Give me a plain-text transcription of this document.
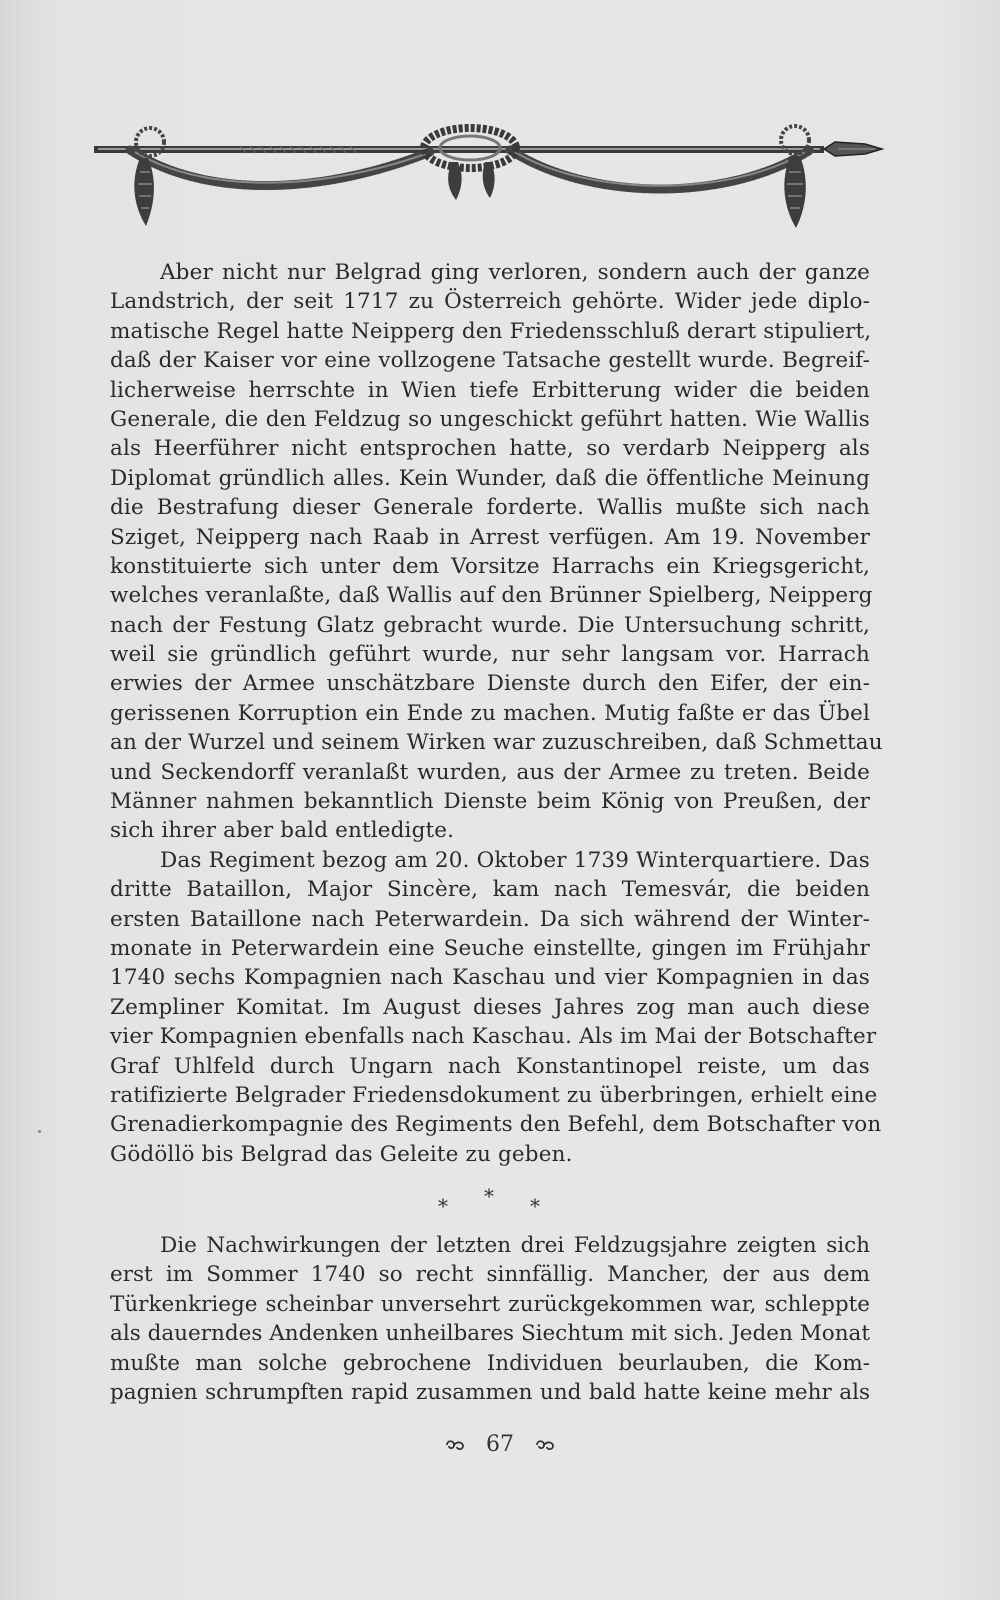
Aber nicht nur Belgrad ging verloren, sondern auch der ganze
Landstrich, der seit 1717 zu Österreich gehörte. Wider jede diplo-
matische Regel hatte Neipperg den Friedensschluß derart stipuliert,
daß der Kaiser vor eine vollzogene Tatsache gestellt wurde. Begreif-
licherweise herrschte in Wien tiefe Erbitterung wider die beiden
Generale, die den Feldzug so ungeschickt geführt hatten. Wie Wallis
als Heerführer nicht entsprochen hatte, so verdarb Neipperg als
Diplomat gründlich alles. Kein Wunder, daß die öffentliche Meinung
die Bestrafung dieser Generale forderte. Wallis mußte sich nach
Sziget, Neipperg nach Raab in Arrest verfügen. Am 19. November
konstituierte sich unter dem Vorsitze Harrachs ein Kriegsgericht,
welches veranlaßte, daß Wallis auf den Brünner Spielberg, Neipperg
nach der Festung Glatz gebracht wurde. Die Untersuchung schritt,
weil sie gründlich geführt wurde, nur sehr langsam vor. Harrach
erwies der Armee unschätzbare Dienste durch den Eifer, der ein-
gerissenen Korruption ein Ende zu machen. Mutig faßte er das Übel
an der Wurzel und seinem Wirken war zuzuschreiben, daß Schmettau
und Seckendorff veranlaßt wurden, aus der Armee zu treten. Beide
Männer nahmen bekanntlich Dienste beim König von Preußen, der
sich ihrer aber bald entledigte.
Das Regiment bezog am 20. Oktober 1739 Winterquartiere. Das
dritte Bataillon, Major Sincère, kam nach Temesvár, die beiden
ersten Bataillone nach Peterwardein. Da sich während der Winter-
monate in Peterwardein eine Seuche einstellte, gingen im Frühjahr
1740 sechs Kompagnien nach Kaschau und vier Kompagnien in das
Zempliner Komitat. Im August dieses Jahres zog man auch diese
vier Kompagnien ebenfalls nach Kaschau. Als im Mai der Botschafter
Graf Uhlfeld durch Ungarn nach Konstantinopel reiste, um das
ratifizierte Belgrader Friedensdokument zu überbringen, erhielt eine
Grenadierkompagnie des Regiments den Befehl, dem Botschafter von
Gödöllö bis Belgrad das Geleite zu geben.
* * *
Die Nachwirkungen der letzten drei Feldzugsjahre zeigten sich
erst im Sommer 1740 so recht sinnfällig. Mancher, der aus dem
Türkenkriege scheinbar unversehrt zurückgekommen war, schleppte
als dauerndes Andenken unheilbares Siechtum mit sich. Jeden Monat
mußte man solche gebrochene Individuen beurlauben, die Kom-
pagnien schrumpften rapid zusammen und bald hatte keine mehr als
67
